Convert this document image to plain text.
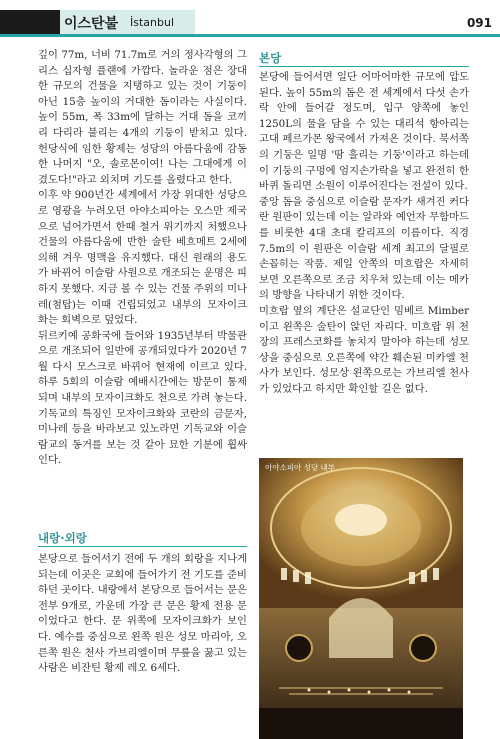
이스탄불 İstanbul	091

깊이 77m, 너비 71.7m로 거의 정사각형의 그리스 십자형 플랜에 가깝다. 놀라운 점은 장대한 규모의 건물을 지탱하고 있는 것이 기둥이 아닌 15층 높이의 거대한 돔이라는 사실이다. 높이 55m, 폭 33m에 달하는 거대 돔을 코끼리 다리라 불리는 4개의 기둥이 받치고 있다. 헌당식에 임한 황제는 성당의 아름다움에 감동한 나머지 "오, 솔로몬이여! 나는 그대에게 이겼도다!"라고 외치며 기도를 올렸다고 한다.

이후 약 900년간 세계에서 가장 위대한 성당으로 영광을 누려오던 아야소피아는 오스만 제국으로 넘어가면서 한때 철거 위기까지 처했으나 건물의 아름다움에 반한 술탄 베흐메트 2세에 의해 겨우 명맥을 유지했다. 대신 원래의 용도가 바뀌어 이슬람 사원으로 개조되는 운명은 피하지 못했다. 지금 볼 수 있는 건물 주위의 미나레(첨탑)는 이때 건립되었고 내부의 모자이크화는 회벽으로 덮었다.

뒤르키예 공화국에 들어와 1935년부터 박물관으로 개조되어 일반에 공개되었다가 2020년 7월 다시 모스크로 바뀌어 현재에 이르고 있다. 하루 5회의 이슬람 예배시간에는 방문이 통제되며 내부의 모자이크화도 천으로 가려 놓는다. 기독교의 특징인 모자이크화와 코란의 금문자, 미나레 등을 바라보고 있노라면 기독교와 이슬람교의 동거를 보는 것 같아 묘한 기분에 휩싸인다.

내랑·외랑

본당으로 들어서기 전에 두 개의 회랑을 지나게 되는데 이곳은 교회에 들어가기 전 기도를 준비하던 곳이다. 내랑에서 본당으로 들어서는 문은 전부 9개로, 가운데 가장 큰 문은 황제 전용 문이었다고 한다. 문 위쪽에 모자이크화가 보인다. 예수를 중심으로 왼쪽 원은 성모 마리아, 오른쪽 원은 천사 가브리엘이며 무릎을 꿇고 있는 사람은 비잔틴 황제 레오 6세다.

본당

본당에 들어서면 일단 어마어마한 규모에 압도된다. 높이 55m의 돔은 전 세계에서 다섯 손가락 안에 들어갈 정도며, 입구 양쪽에 놓인 1250L의 물을 담을 수 있는 대리석 항아리는 고대 페르가몬 왕국에서 가져온 것이다. 북서쪽의 기둥은 일명 '땀 흘리는 기둥'이라고 하는데 이 기둥의 구멍에 엄지손가락을 넣고 완전히 한 바퀴 돌리면 소원이 이루어진다는 전설이 있다.

중앙 돔을 중심으로 이슬람 문자가 새겨진 커다란 원판이 있는데 이는 알라와 예언자 무함마드를 비롯한 4대 초대 칼리프의 이름이다. 직경 7.5m의 이 원판은 이슬람 세계 최고의 달필로 손꼽히는 작품. 제일 안쪽의 미흐랍은 자세히 보면 오른쪽으로 조금 치우쳐 있는데 이는 메카의 방향을 나타내기 위한 것이다.

미흐랍 옆의 계단은 설교단인 밈베르 Mimber이고 왼쪽은 술탄이 앉던 자리다. 미흐랍 위 천장의 프레스코화를 놓치지 말아야 하는데 성모상을 중심으로 오른쪽에 약간 훼손된 미카엘 천사가 보인다. 성모상 왼쪽으로는 가브리엘 천사가 있었다고 하지만 확인할 길은 없다.

아야소피아 성당 내부
